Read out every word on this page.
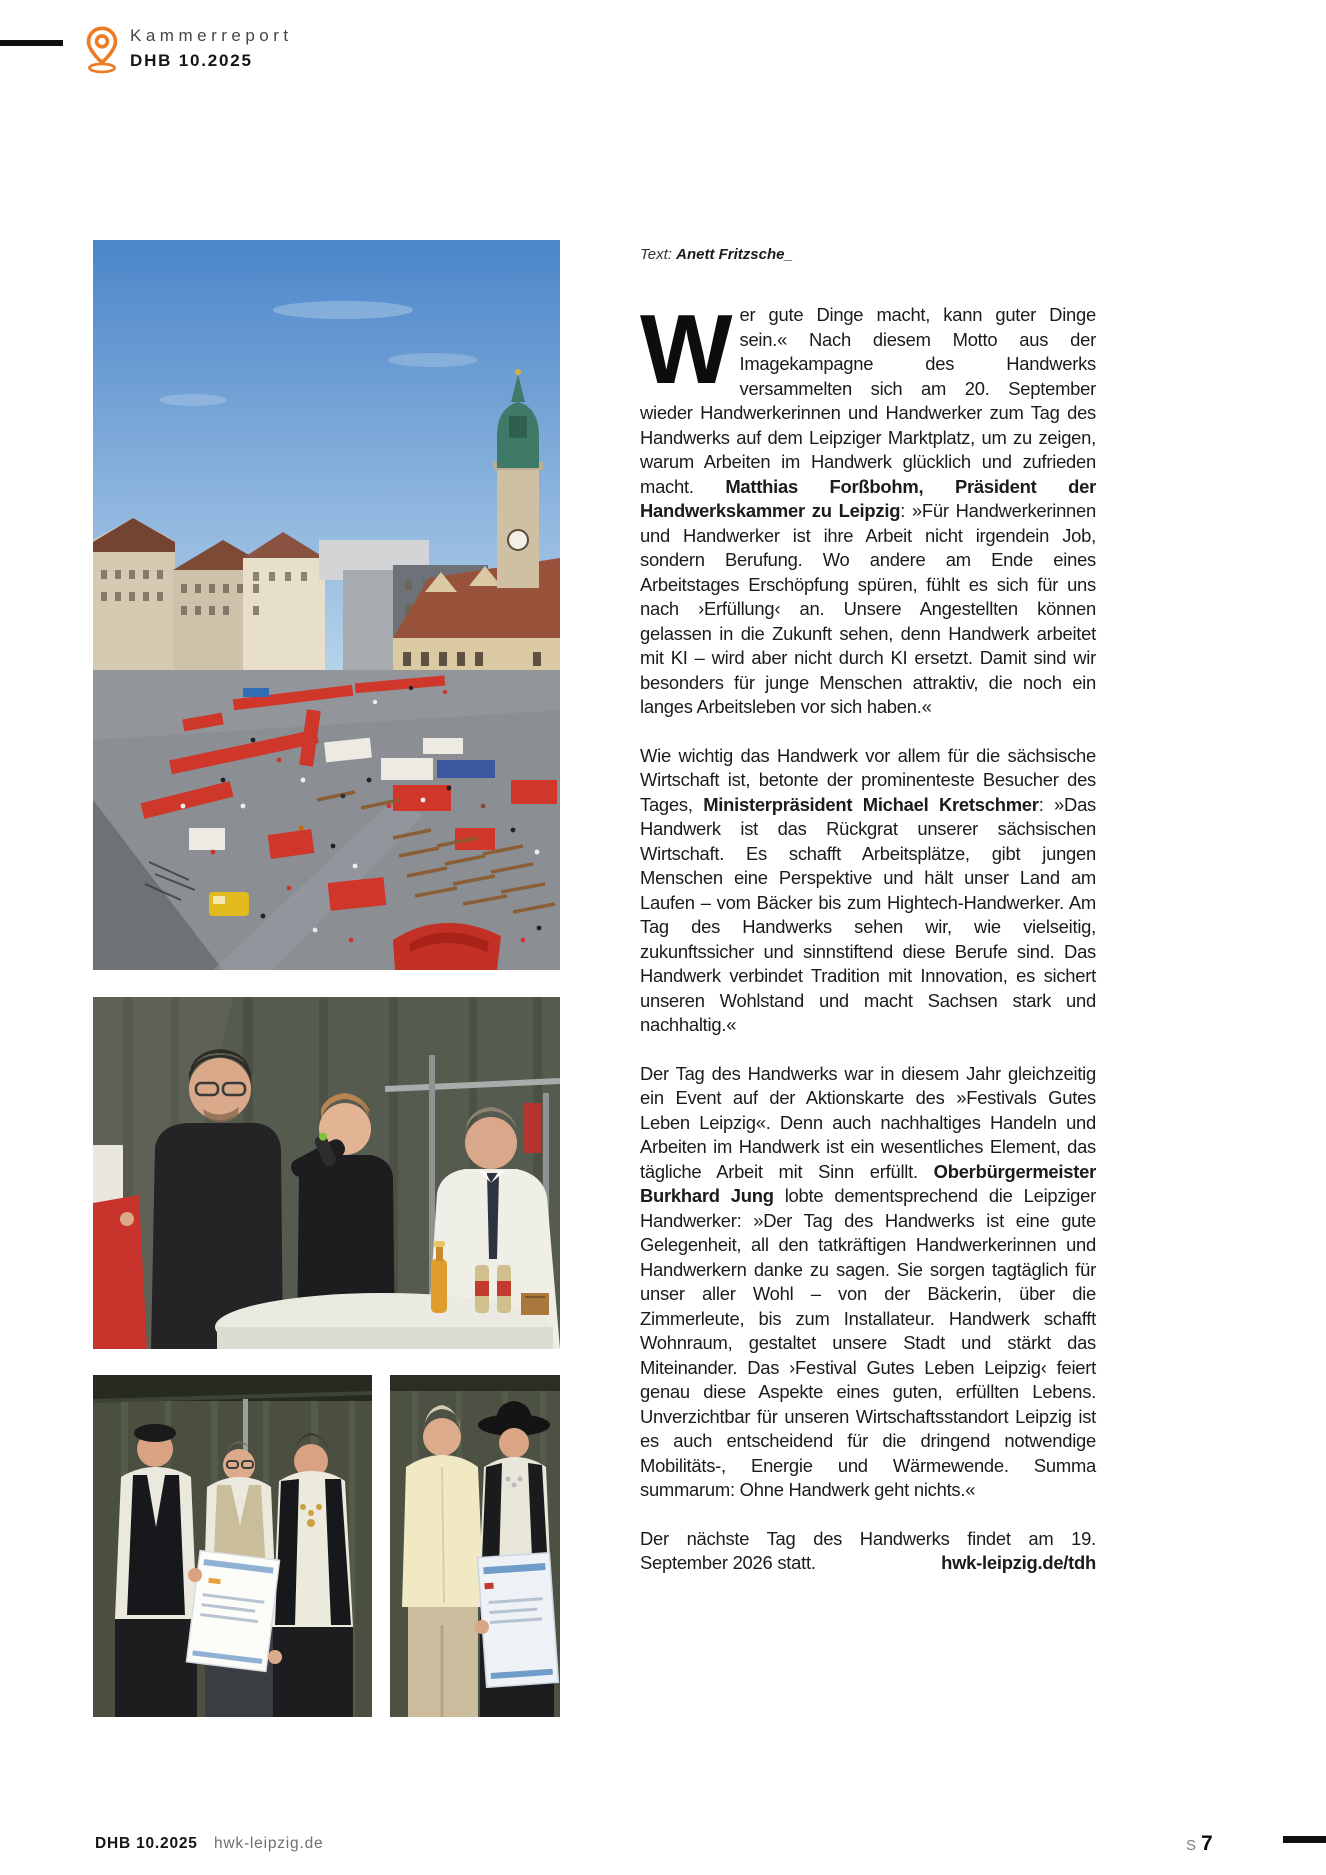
Kammerreport
DHB 10.2025

Text: Anett Fritzsche_

Wer gute Dinge macht, kann guter Dinge sein.« Nach diesem Motto aus der Imagekampagne des Handwerks versammelten sich am 20. September wieder Handwerkerinnen und Handwerker zum Tag des Handwerks auf dem Leipziger Marktplatz, um zu zeigen, warum Arbeiten im Handwerk glücklich und zufrieden macht. Matthias Forßbohm, Präsident der Handwerkskammer zu Leipzig: »Für Handwerkerinnen und Handwerker ist ihre Arbeit nicht irgendein Job, sondern Berufung. Wo andere am Ende eines Arbeitstages Erschöpfung spüren, fühlt es sich für uns nach ›Erfüllung‹ an. Unsere Angestellten können gelassen in die Zukunft sehen, denn Handwerk arbeitet mit KI – wird aber nicht durch KI ersetzt. Damit sind wir besonders für junge Menschen attraktiv, die noch ein langes Arbeitsleben vor sich haben.«

Wie wichtig das Handwerk vor allem für die sächsische Wirtschaft ist, betonte der prominenteste Besucher des Tages, Ministerpräsident Michael Kretschmer: »Das Handwerk ist das Rückgrat unserer sächsischen Wirtschaft. Es schafft Arbeitsplätze, gibt jungen Menschen eine Perspektive und hält unser Land am Laufen – vom Bäcker bis zum Hightech-Handwerker. Am Tag des Handwerks sehen wir, wie vielseitig, zukunftssicher und sinnstiftend diese Berufe sind. Das Handwerk verbindet Tradition mit Innovation, es sichert unseren Wohlstand und macht Sachsen stark und nachhaltig.«

Der Tag des Handwerks war in diesem Jahr gleichzeitig ein Event auf der Aktionskarte des »Festivals Gutes Leben Leipzig«. Denn auch nachhaltiges Handeln und Arbeiten im Handwerk ist ein wesentliches Element, das tägliche Arbeit mit Sinn erfüllt. Oberbürgermeister Burkhard Jung lobte dementsprechend die Leipziger Handwerker: »Der Tag des Handwerks ist eine gute Gelegenheit, all den tatkräftigen Handwerkerinnen und Handwerkern danke zu sagen. Sie sorgen tagtäglich für unser aller Wohl – von der Bäckerin, über die Zimmerleute, bis zum Installateur. Handwerk schafft Wohnraum, gestaltet unsere Stadt und stärkt das Miteinander. Das ›Festival Gutes Leben Leipzig‹ feiert genau diese Aspekte eines guten, erfüllten Lebens. Unverzichtbar für unseren Wirtschaftsstandort Leipzig ist es auch entscheidend für die dringend notwendige Mobilitäts-, Energie und Wärmewende. Summa summarum: Ohne Handwerk geht nichts.«

Der nächste Tag des Handwerks findet am 19. September 2026 statt.	hwk-leipzig.de/tdh

DHB 10.2025 hwk-leipzig.de	S 7
